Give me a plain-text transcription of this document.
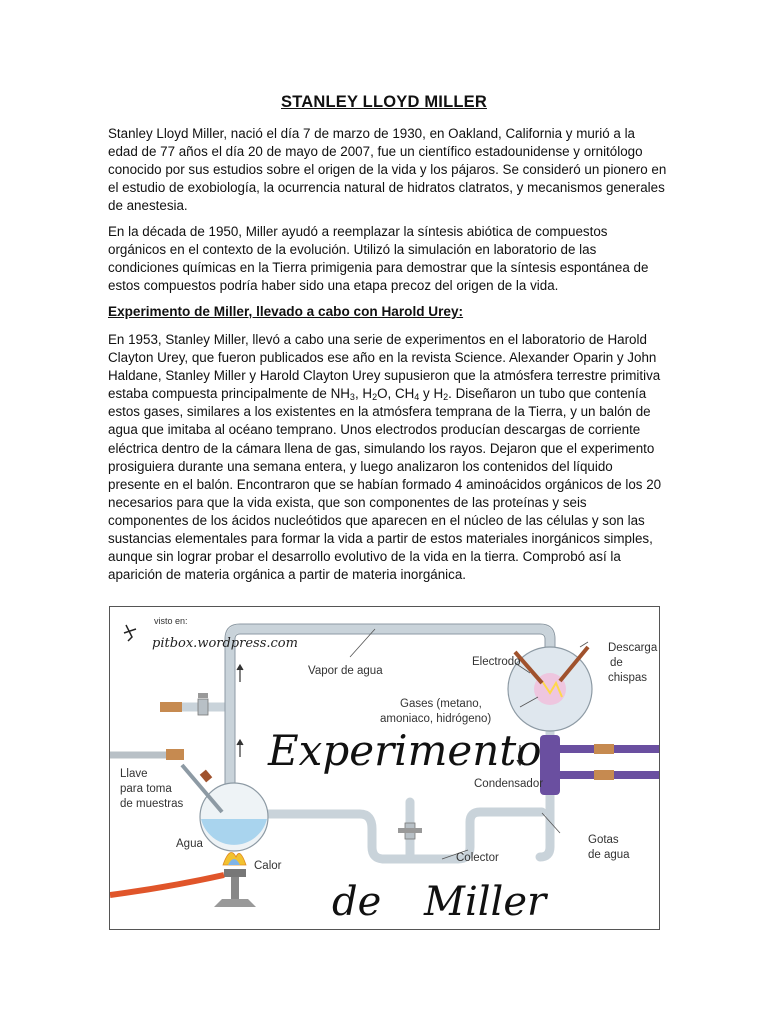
STANLEY LLOYD MILLER

Stanley Lloyd Miller, nació el día 7 de marzo de 1930, en Oakland, California y murió a la edad de 77 años el día 20 de mayo de 2007, fue un científico estadounidense y ornitólogo conocido por sus estudios sobre el origen de la vida y los pájaros. Se consideró un pionero en el estudio de exobiología, la ocurrencia natural de hidratos clatratos, y mecanismos generales de anestesia.

En la década de 1950, Miller ayudó a reemplazar la síntesis abiótica de compuestos orgánicos en el contexto de la evolución. Utilizó la simulación en laboratorio de las condiciones químicas en la Tierra primigenia para demostrar que la síntesis espontánea de estos compuestos podría haber sido una etapa precoz del origen de la vida.

Experimento de Miller, llevado a cabo con Harold Urey:

En 1953, Stanley Miller, llevó a cabo una serie de experimentos en el laboratorio de Harold Clayton Urey, que fueron publicados ese año en la revista Science. Alexander Oparin y John Haldane, Stanley Miller y Harold Clayton Urey supusieron que la atmósfera terrestre primitiva estaba compuesta principalmente de $NH_3$, $H_2O$, $CH_4$ y $H_2$. Diseñaron un tubo que contenía estos gases, similares a los existentes en la atmósfera temprana de la Tierra, y un balón de agua que imitaba al océano temprano. Unos electrodos producían descargas de corriente eléctrica dentro de la cámara llena de gas, simulando los rayos. Dejaron que el experimento prosiguiera durante una semana entera, y luego analizaron los contenidos del líquido presente en el balón. Encontraron que se habían formado 4 aminoácidos orgánicos de los 20 necesarios para que la vida exista, que son componentes de las proteínas y seis componentes de los ácidos nucleótidos que aparecen en el núcleo de las células y son las sustancias elementales para formar la vida a partir de estos materiales inorgánicos simples, aunque sin lograr probar el desarrollo evolutivo de la vida en la tierra. Comprobó así la aparición de materia orgánica a partir de materia inorgánica.

visto en:
pitbox.wordpress.com
Experimento
de Miller
Vapor de agua
Electrodo
Descarga
de
chispas
Gases (metano,
amoniaco, hidrógeno)
Llave
para toma
de muestras
Condensador
Agua
Calor
Colector
Gotas
de agua
